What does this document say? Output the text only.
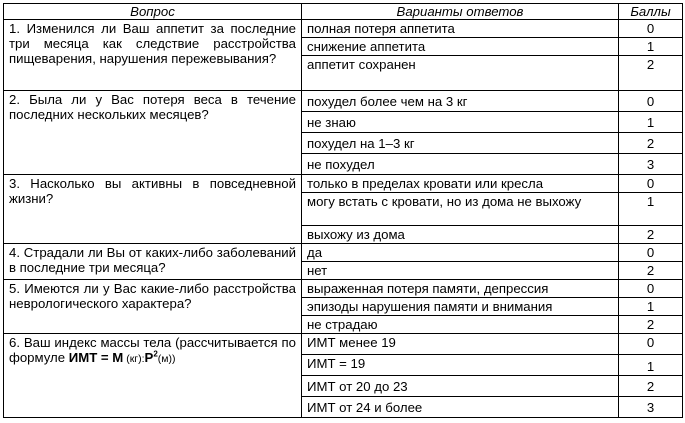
Вопрос	Варианты ответов	Баллы
1. Изменился ли Ваш аппетит за последние три месяца как следствие расстройства пищеварения, нарушения пережевывания?	полная потеря аппетита	0
	снижение аппетита	1
	аппетит сохранен	2
2. Была ли у Вас потеря веса в течение последних нескольких месяцев?	похудел более чем на 3 кг	0
	не знаю	1
	похудел на 1–3 кг	2
	не похудел	3
3. Насколько вы активны в повседневной жизни?	только в пределах кровати или кресла	0
	могу встать с кровати, но из дома не выхожу	1
	выхожу из дома	2
4. Страдали ли Вы от каких-либо заболеваний в последние три месяца?	да	0
	нет	2
5. Имеются ли у Вас какие-либо расстройства неврологического характера?	выраженная потеря памяти, депрессия	0
	эпизоды нарушения памяти и внимания	1
	не страдаю	2
6. Ваш индекс массы тела (рассчитывается по формуле ИМТ = М $(кг):Р^2(м)$)	ИМТ менее 19	0
	ИМТ = 19	1
	ИМТ от 20 до 23	2
	ИМТ от 24 и более	3
